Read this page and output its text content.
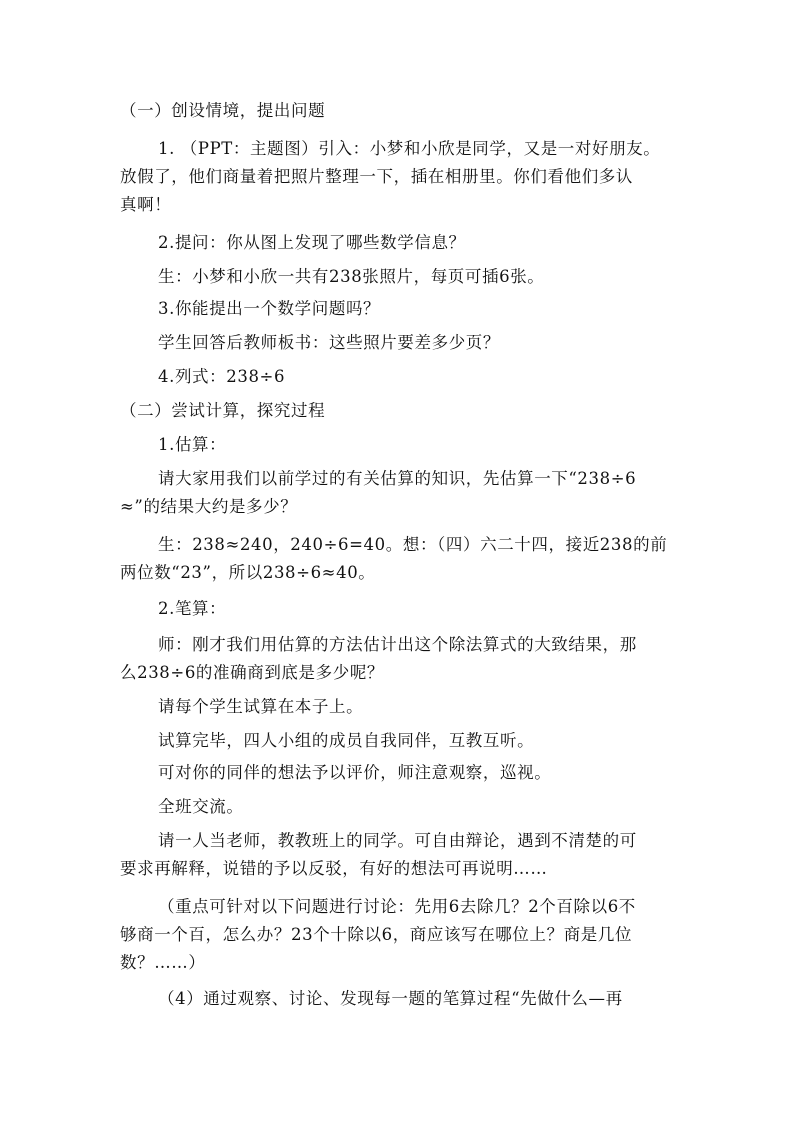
（一）创设情境，提出问题
1. （PPT：主题图）引入：小梦和小欣是同学，又是一对好朋友。
放假了，他们商量着把照片整理一下，插在相册里。你们看他们多认
真啊！
2.提问：你从图上发现了哪些数学信息？
生：小梦和小欣一共有238张照片，每页可插6张。
3.你能提出一个数学问题吗？
学生回答后教师板书：这些照片要差多少页？
4.列式：238÷6
（二）尝试计算，探究过程
1.估算：
请大家用我们以前学过的有关估算的知识，先估算一下“238÷6
≈”的结果大约是多少？
生：238≈240，240÷6=40。想：（四）六二十四，接近238的前
两位数“23”，所以238÷6≈40。
2.笔算：
师：刚才我们用估算的方法估计出这个除法算式的大致结果，那
么238÷6的准确商到底是多少呢？
请每个学生试算在本子上。
试算完毕，四人小组的成员自我同伴，互教互听。
可对你的同伴的想法予以评价，师注意观察，巡视。
全班交流。
请一人当老师，教教班上的同学。可自由辩论，遇到不清楚的可
要求再解释，说错的予以反驳，有好的想法可再说明……
（重点可针对以下问题进行讨论：先用6去除几？2个百除以6不
够商一个百，怎么办？23个十除以6，商应该写在哪位上？商是几位
数？……）
（4）通过观察、讨论、发现每一题的笔算过程“先做什么—再
